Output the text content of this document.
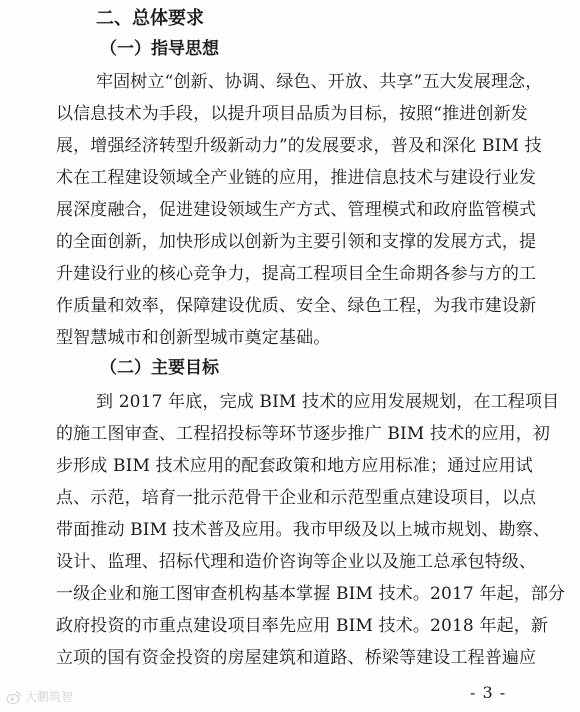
二、总体要求
（一）指导思想
牢固树立“创新、协调、绿色、开放、共享”五大发展理念，
以信息技术为手段，以提升项目品质为目标，按照“推进创新发
展，增强经济转型升级新动力”的发展要求，普及和深化 BIM 技
术在工程建设领域全产业链的应用，推进信息技术与建设行业发
展深度融合，促进建设领域生产方式、管理模式和政府监管模式
的全面创新，加快形成以创新为主要引领和支撑的发展方式，提
升建设行业的核心竞争力，提高工程项目全生命期各参与方的工
作质量和效率，保障建设优质、安全、绿色工程，为我市建设新
型智慧城市和创新型城市奠定基础。
（二）主要目标
到 2017 年底，完成 BIM 技术的应用发展规划，在工程项目
的施工图审查、工程招投标等环节逐步推广 BIM 技术的应用，初
步形成 BIM 技术应用的配套政策和地方应用标准；通过应用试
点、示范，培育一批示范骨干企业和示范型重点建设项目，以点
带面推动 BIM 技术普及应用。我市甲级及以上城市规划、勘察、
设计、监理、招标代理和造价咨询等企业以及施工总承包特级、
一级企业和施工图审查机构基本掌握 BIM 技术。2017 年起，部分
政府投资的市重点建设项目率先应用 BIM 技术。2018 年起，新
立项的国有资金投资的房屋建筑和道路、桥梁等建设工程普遍应
- 3 -
大鹏筑智
